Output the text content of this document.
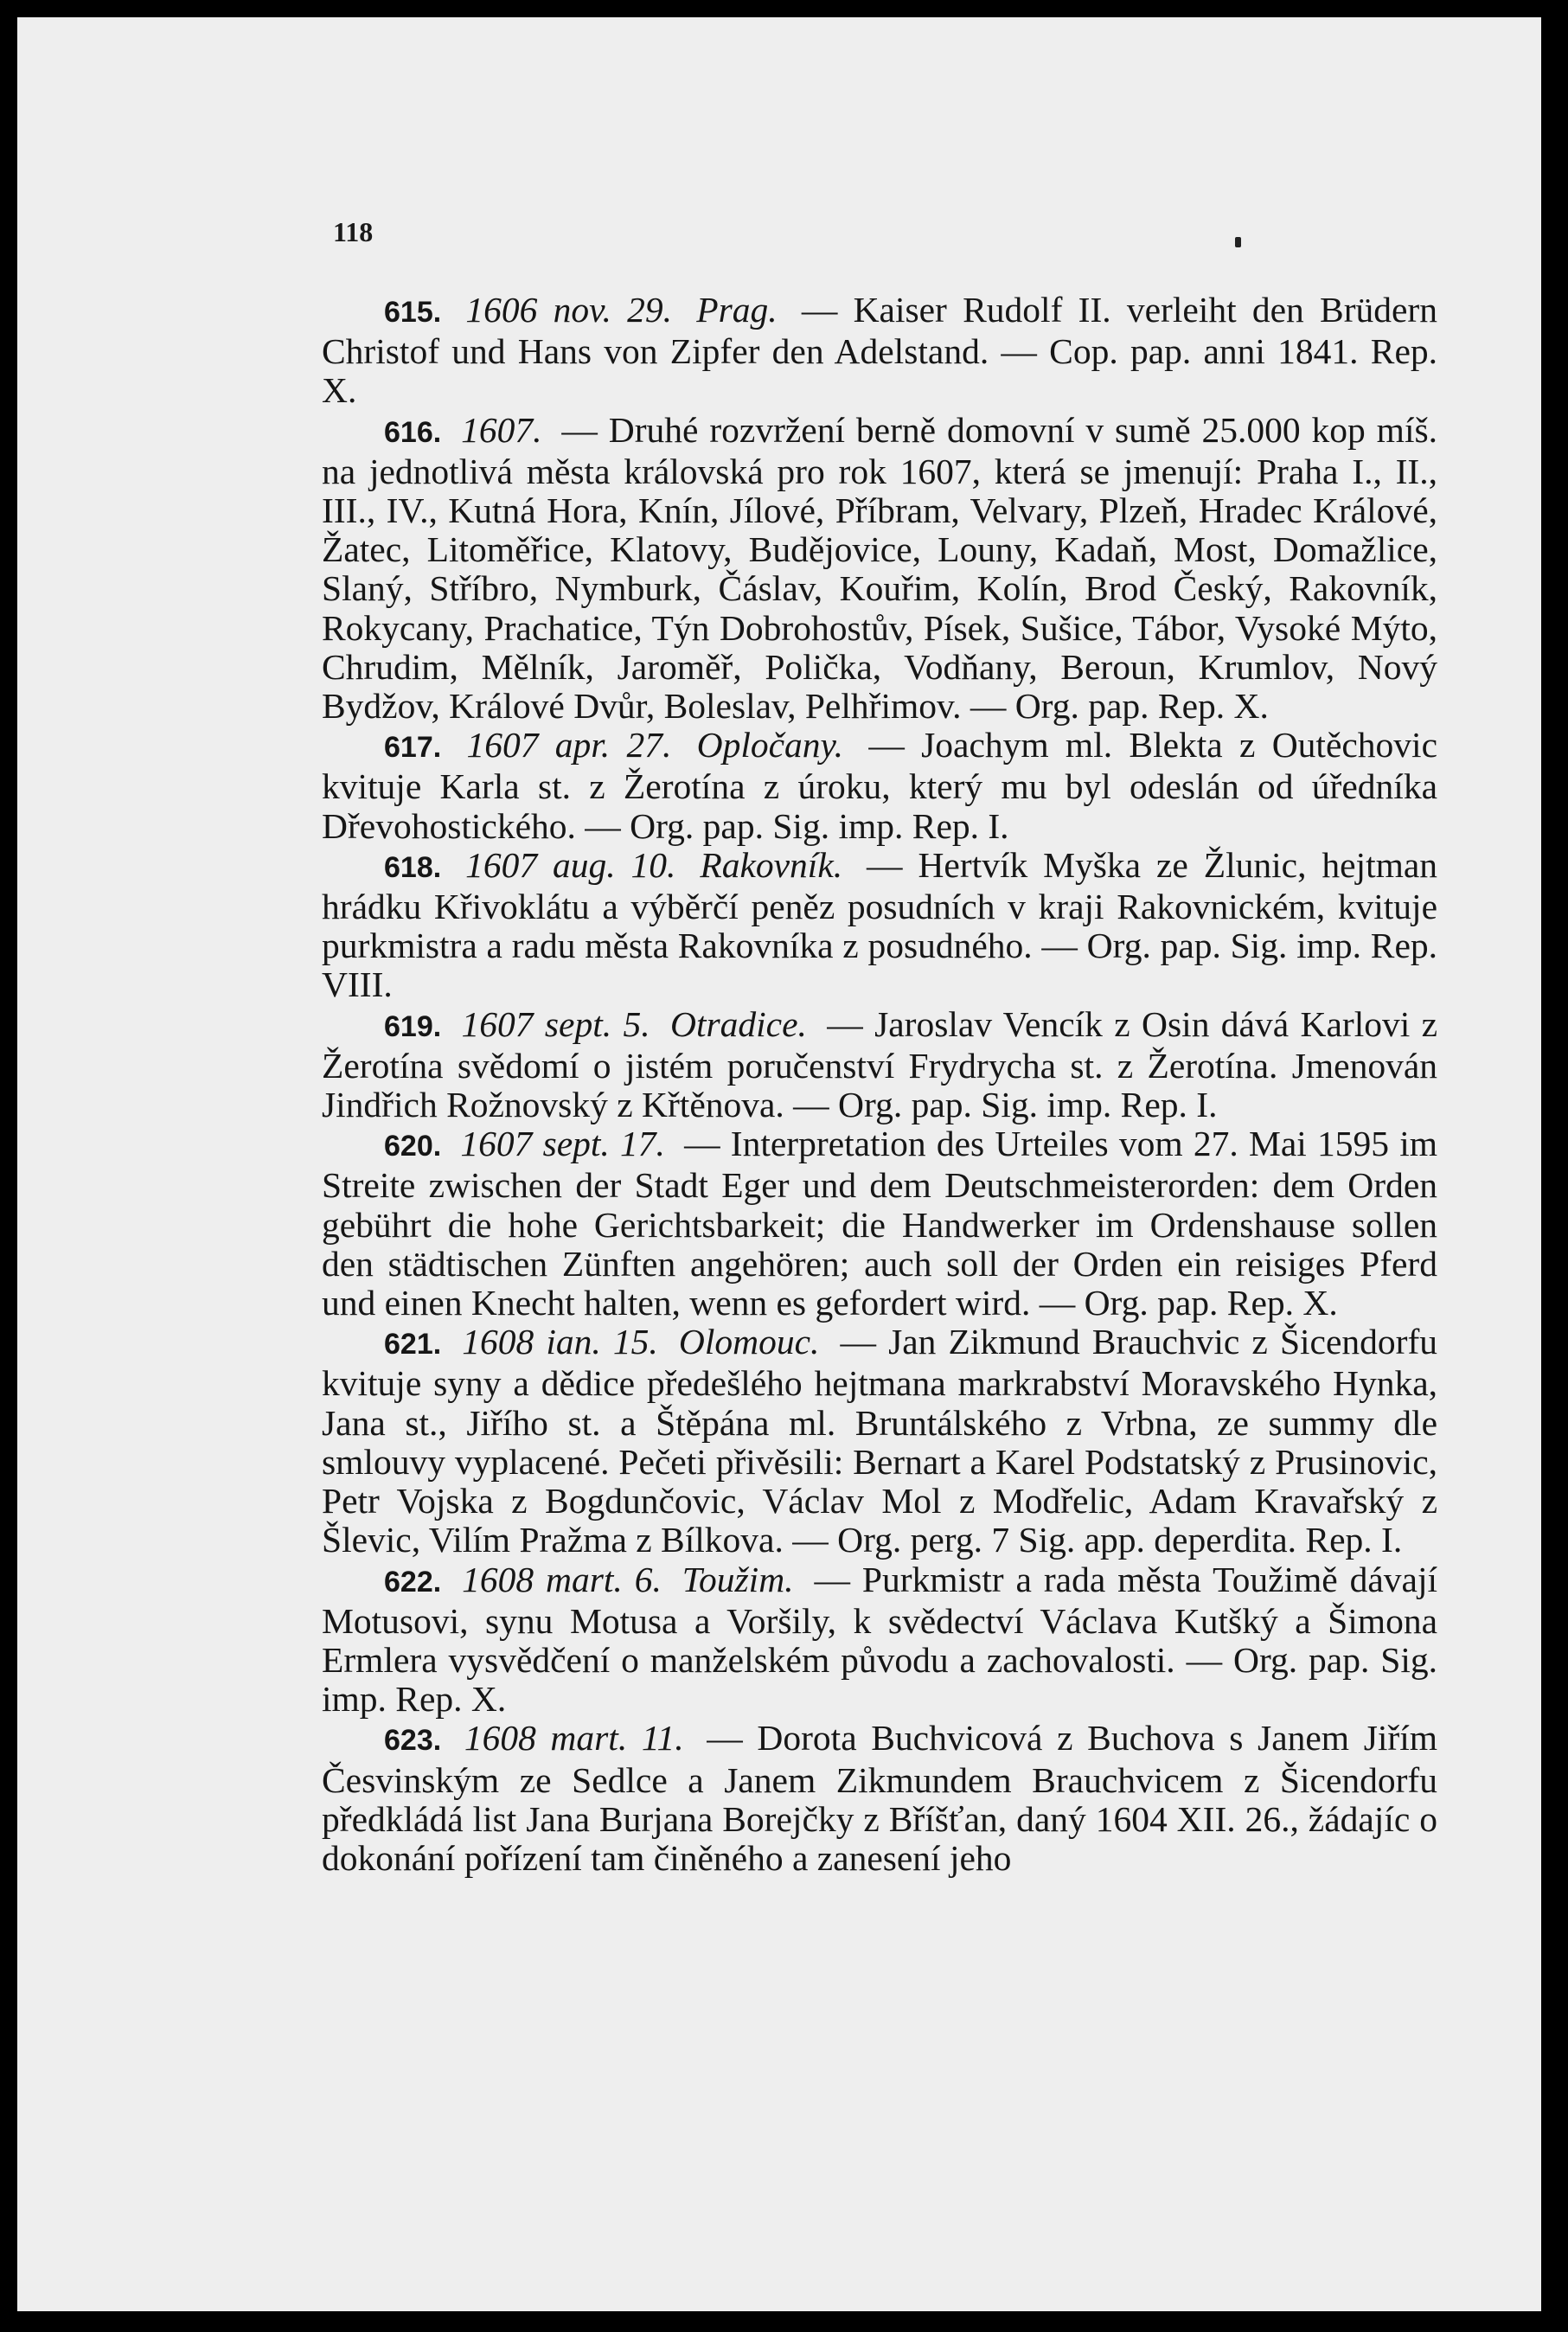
118

615. 1606 nov. 29. Prag. — Kaiser Rudolf II. verleiht den Brüdern Christof und Hans von Zipfer den Adelstand. — Cop. pap. anni 1841. Rep. X.

616. 1607. — Druhé rozvržení berně domovní v sumě 25.000 kop míš. na jednotlivá města královská pro rok 1607, která se jmenují: Praha I., II., III., IV., Kutná Hora, Knín, Jílové, Příbram, Velvary, Plzeň, Hradec Králové, Žatec, Litoměřice, Klatovy, Budějovice, Louny, Kadaň, Most, Domažlice, Slaný, Stříbro, Nymburk, Čáslav, Kouřim, Kolín, Brod Český, Rakovník, Rokycany, Prachatice, Týn Dobrohostův, Písek, Sušice, Tábor, Vysoké Mýto, Chrudim, Mělník, Jaroměř, Polička, Vodňany, Beroun, Krumlov, Nový Bydžov, Králové Dvůr, Boleslav, Pelhřimov. — Org. pap. Rep. X.

617. 1607 apr. 27. Opločany. — Joachym ml. Blekta z Outěchovic kvituje Karla st. z Žerotína z úroku, který mu byl odeslán od úředníka Dřevohostického. — Org. pap. Sig. imp. Rep. I.

618. 1607 aug. 10. Rakovník. — Hertvík Myška ze Žlunic, hejtman hrádku Křivoklátu a výběrčí peněz posudních v kraji Rakovnickém, kvituje purkmistra a radu města Rakovníka z posudného. — Org. pap. Sig. imp. Rep. VIII.

619. 1607 sept. 5. Otradice. — Jaroslav Vencík z Osin dává Karlovi z Žerotína svědomí o jistém poručenství Frydrycha st. z Žerotína. Jmenován Jindřich Rožnovský z Křtěnova. — Org. pap. Sig. imp. Rep. I.

620. 1607 sept. 17. — Interpretation des Urteiles vom 27. Mai 1595 im Streite zwischen der Stadt Eger und dem Deutschmeisterorden: dem Orden gebührt die hohe Gerichtsbarkeit; die Handwerker im Ordenshause sollen den städtischen Zünften angehören; auch soll der Orden ein reisiges Pferd und einen Knecht halten, wenn es gefordert wird. — Org. pap. Rep. X.

621. 1608 ian. 15. Olomouc. — Jan Zikmund Brauchvic z Šicendorfu kvituje syny a dědice předešlého hejtmana markrabství Moravského Hynka, Jana st., Jiřího st. a Štěpána ml. Bruntálského z Vrbna, ze summy dle smlouvy vyplacené. Pečeti přivěsili: Bernart a Karel Podstatský z Prusinovic, Petr Vojska z Bogdunčovic, Václav Mol z Modřelic, Adam Kravařský z Šlevic, Vilím Pražma z Bílkova. — Org. perg. 7 Sig. app. deperdita. Rep. I.

622. 1608 mart. 6. Toužim. — Purkmistr a rada města Toužimě dávají Motusovi, synu Motusa a Voršily, k svědectví Václava Kutšký a Šimona Ermlera vysvědčení o manželském původu a zachovalosti. — Org. pap. Sig. imp. Rep. X.

623. 1608 mart. 11. — Dorota Buchvicová z Buchova s Janem Jiřím Česvinským ze Sedlce a Janem Zikmundem Brauchvicem z Šicendorfu předkládá list Jana Burjana Borejčky z Bříšťan, daný 1604 XII. 26., žádajíc o dokonání pořízení tam činěného a zanesení jeho
